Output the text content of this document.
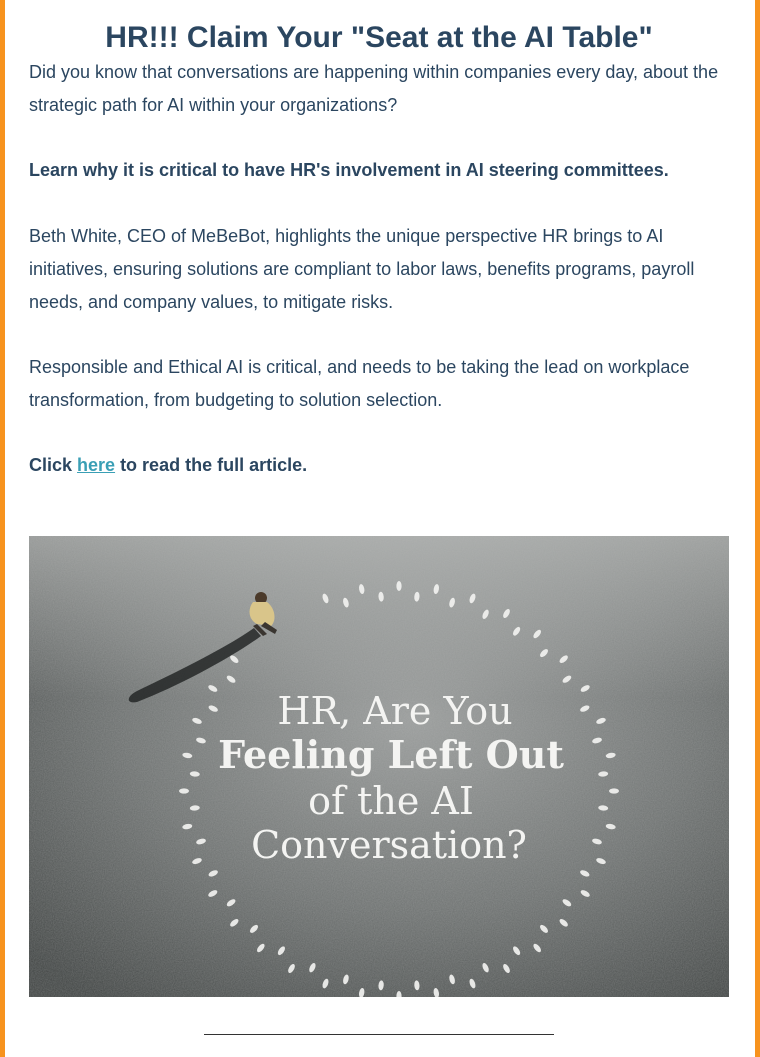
HR!!! Claim Your "Seat at the AI Table"

Did you know that conversations are happening within companies every day, about the strategic path for AI within your organizations?

Learn why it is critical to have HR's involvement in AI steering committees.

Beth White, CEO of MeBeBot, highlights the unique perspective HR brings to AI initiatives, ensuring solutions are compliant to labor laws, benefits programs, payroll needs, and company values, to mitigate risks.

Responsible and Ethical AI is critical, and needs to be taking the lead on workplace transformation, from budgeting to solution selection.

Click here to read the full article.

HR, Are You
Feeling Left Out
of the AI
Conversation?
